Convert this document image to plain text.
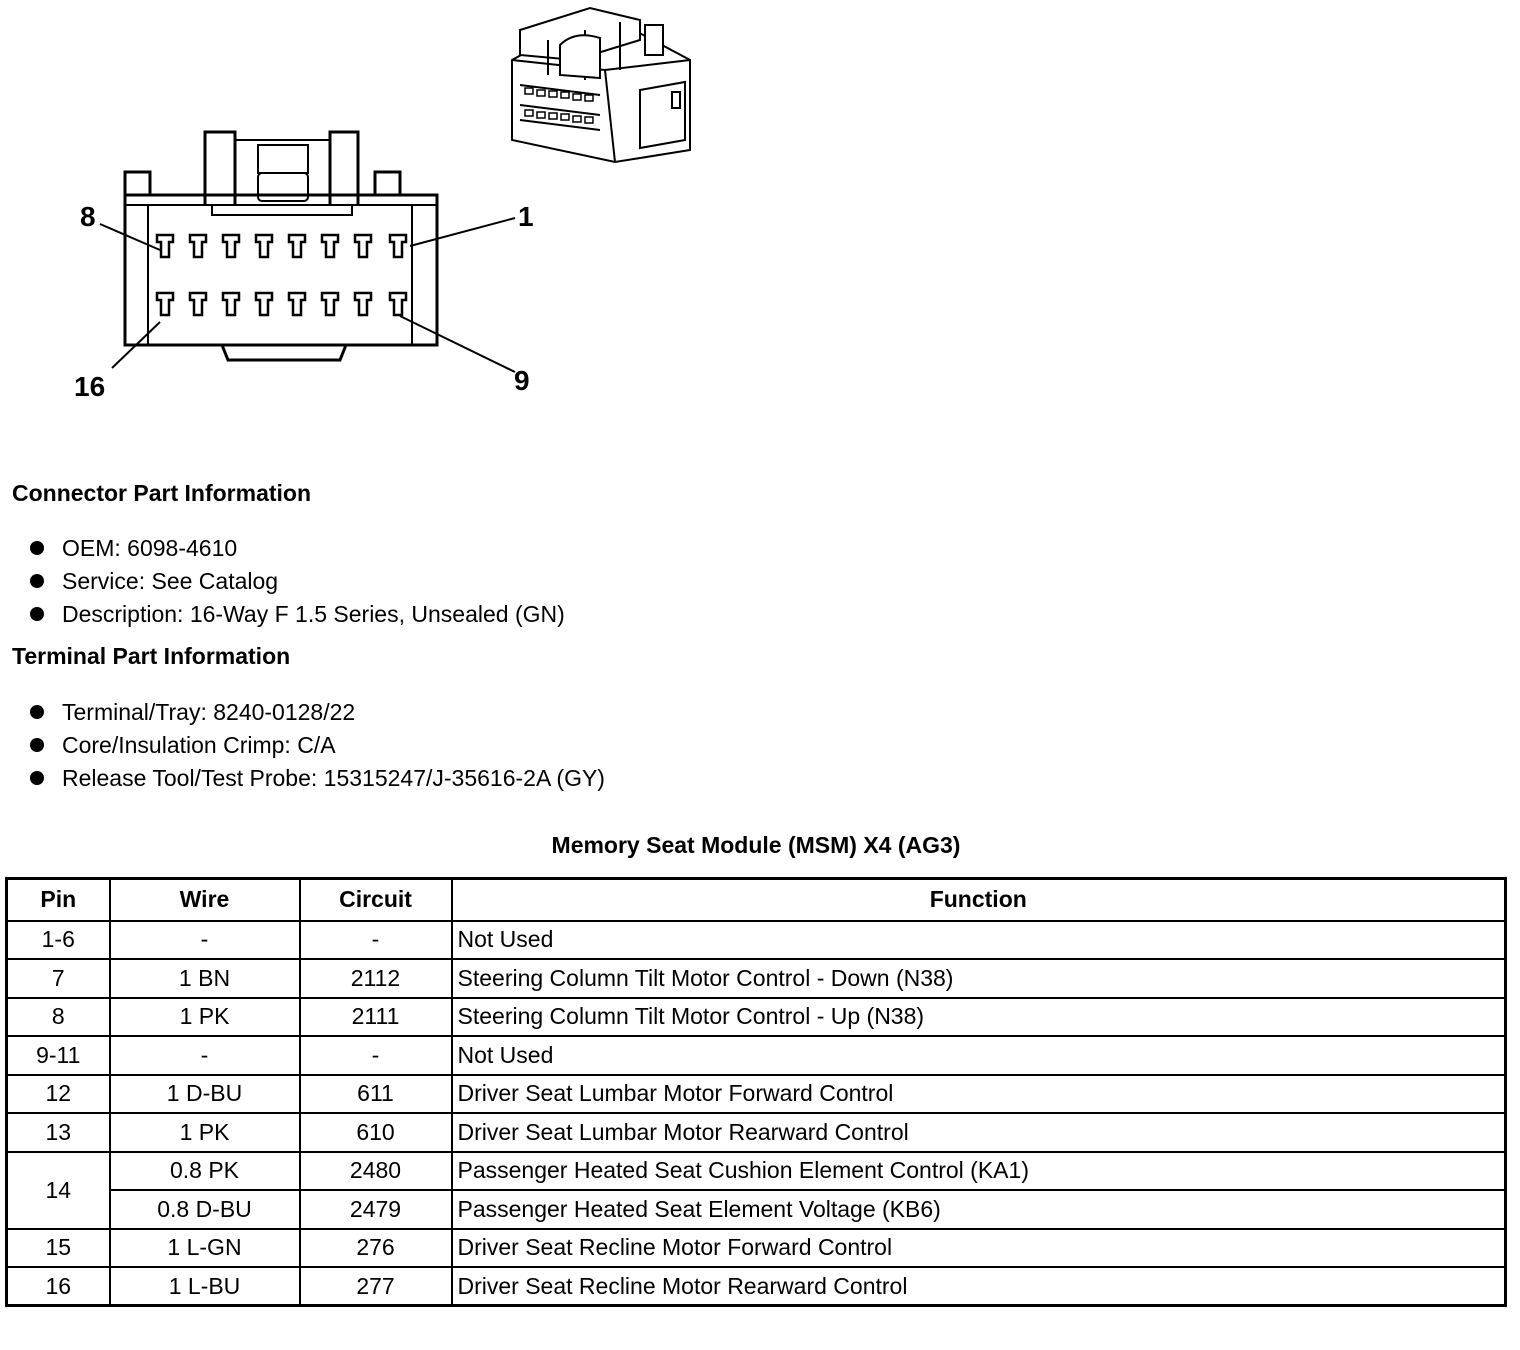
8	1
16	9
Connector Part Information
OEM: 6098-4610
Service: See Catalog
Description: 16-Way F 1.5 Series, Unsealed (GN)
Terminal Part Information
Terminal/Tray: 8240-0128/22
Core/Insulation Crimp: C/A
Release Tool/Test Probe: 15315247/J-35616-2A (GY)
Memory Seat Module (MSM) X4 (AG3)
Pin	Wire	Circuit	Function
1-6	-	-	Not Used
7	1 BN	2112	Steering Column Tilt Motor Control - Down (N38)
8	1 PK	2111	Steering Column Tilt Motor Control - Up (N38)
9-11	-	-	Not Used
12	1 D-BU	611	Driver Seat Lumbar Motor Forward Control
13	1 PK	610	Driver Seat Lumbar Motor Rearward Control
14	0.8 PK	2480	Passenger Heated Seat Cushion Element Control (KA1)
	0.8 D-BU	2479	Passenger Heated Seat Element Voltage (KB6)
15	1 L-GN	276	Driver Seat Recline Motor Forward Control
16	1 L-BU	277	Driver Seat Recline Motor Rearward Control
